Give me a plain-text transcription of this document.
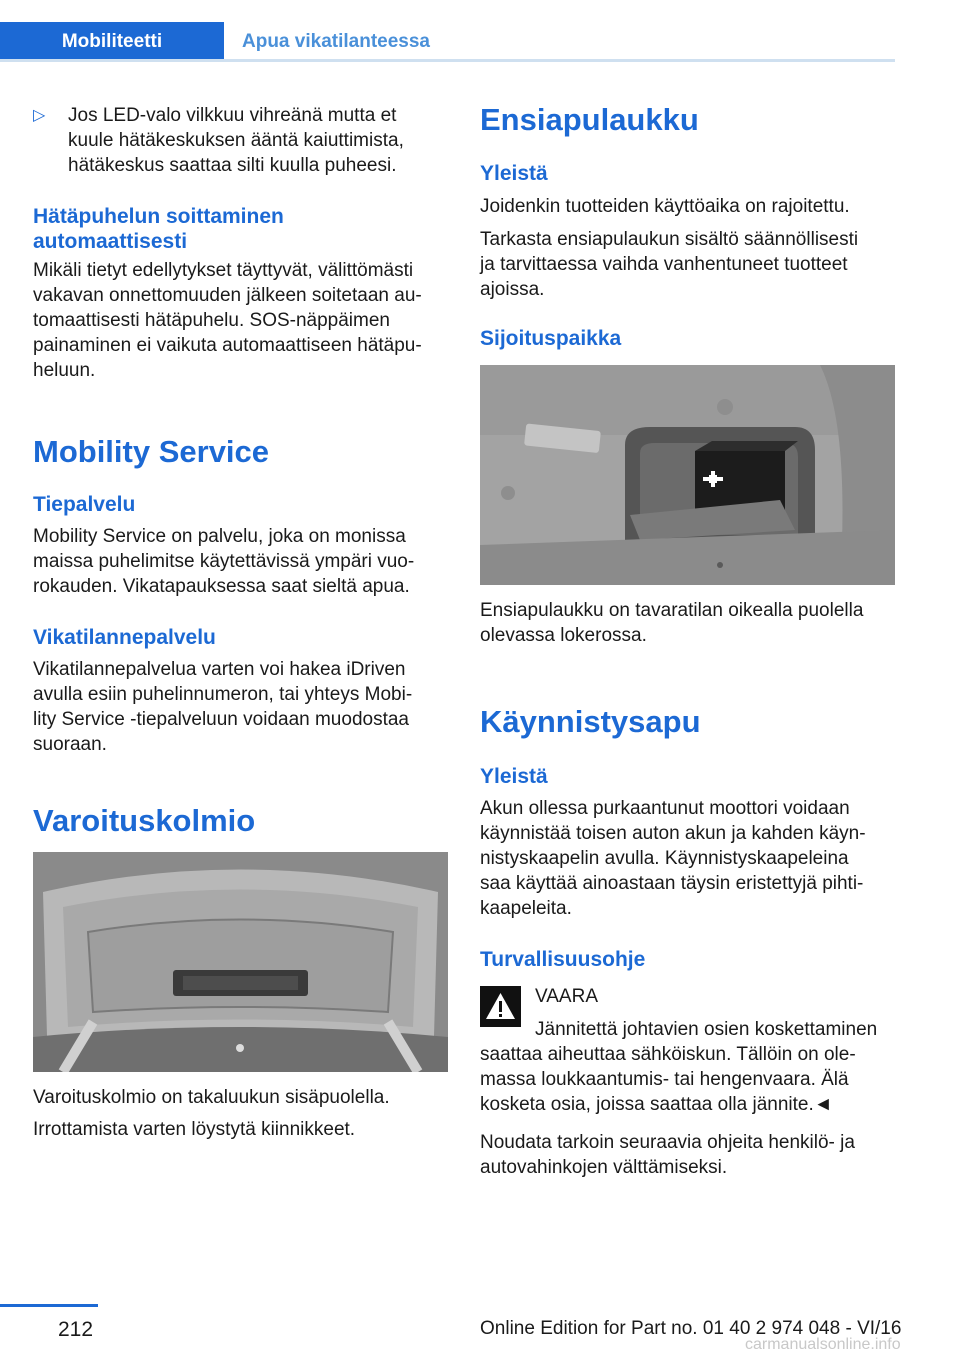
Mobiliteetti	Apua vikatilanteessa
▷	Jos LED-valo vilkkuu vihreänä mutta et
kuule hätäkeskuksen ääntä kaiuttimista,
hätäkeskus saattaa silti kuulla puheesi.
Hätäpuhelun soittaminen
automaattisesti
Mikäli tietyt edellytykset täyttyvät, välittömästi
vakavan onnettomuuden jälkeen soitetaan au‐
tomaattisesti hätäpuhelu. SOS-näppäimen
painaminen ei vaikuta automaattiseen hätäpu‐
heluun.
Mobility Service
Tiepalvelu
Mobility Service on palvelu, joka on monissa
maissa puhelimitse käytettävissä ympäri vuo‐
rokauden. Vikatapauksessa saat sieltä apua.
Vikatilannepalvelu
Vikatilannepalvelua varten voi hakea iDriven
avulla esiin puhelinnumeron, tai yhteys Mobi‐
lity Service -tiepalveluun voidaan muodostaa
suoraan.
Varoituskolmio
Varoituskolmio on takaluukun sisäpuolella.
Irrottamista varten löystytä kiinnikkeet.
Ensiapulaukku
Yleistä
Joidenkin tuotteiden käyttöaika on rajoitettu.
Tarkasta ensiapulaukun sisältö säännöllisesti
ja tarvittaessa vaihda vanhentuneet tuotteet
ajoissa.
Sijoituspaikka
Ensiapulaukku on tavaratilan oikealla puolella
olevassa lokerossa.
Käynnistysapu
Yleistä
Akun ollessa purkaantunut moottori voidaan
käynnistää toisen auton akun ja kahden käyn‐
nistyskaapelin avulla. Käynnistyskaapeleina
saa käyttää ainoastaan täysin eristettyjä pihti‐
kaapeleita.
Turvallisuusohje
VAARA
Jännitettä johtavien osien koskettaminen
saattaa aiheuttaa sähköiskun. Tällöin on ole‐
massa loukkaantumis- tai hengenvaara. Älä
kosketa osia, joissa saattaa olla jännite.◄
Noudata tarkoin seuraavia ohjeita henkilö- ja
autovahinkojen välttämiseksi.
212	Online Edition for Part no. 01 40 2 974 048 - VI/16
carmanualsonline.info
